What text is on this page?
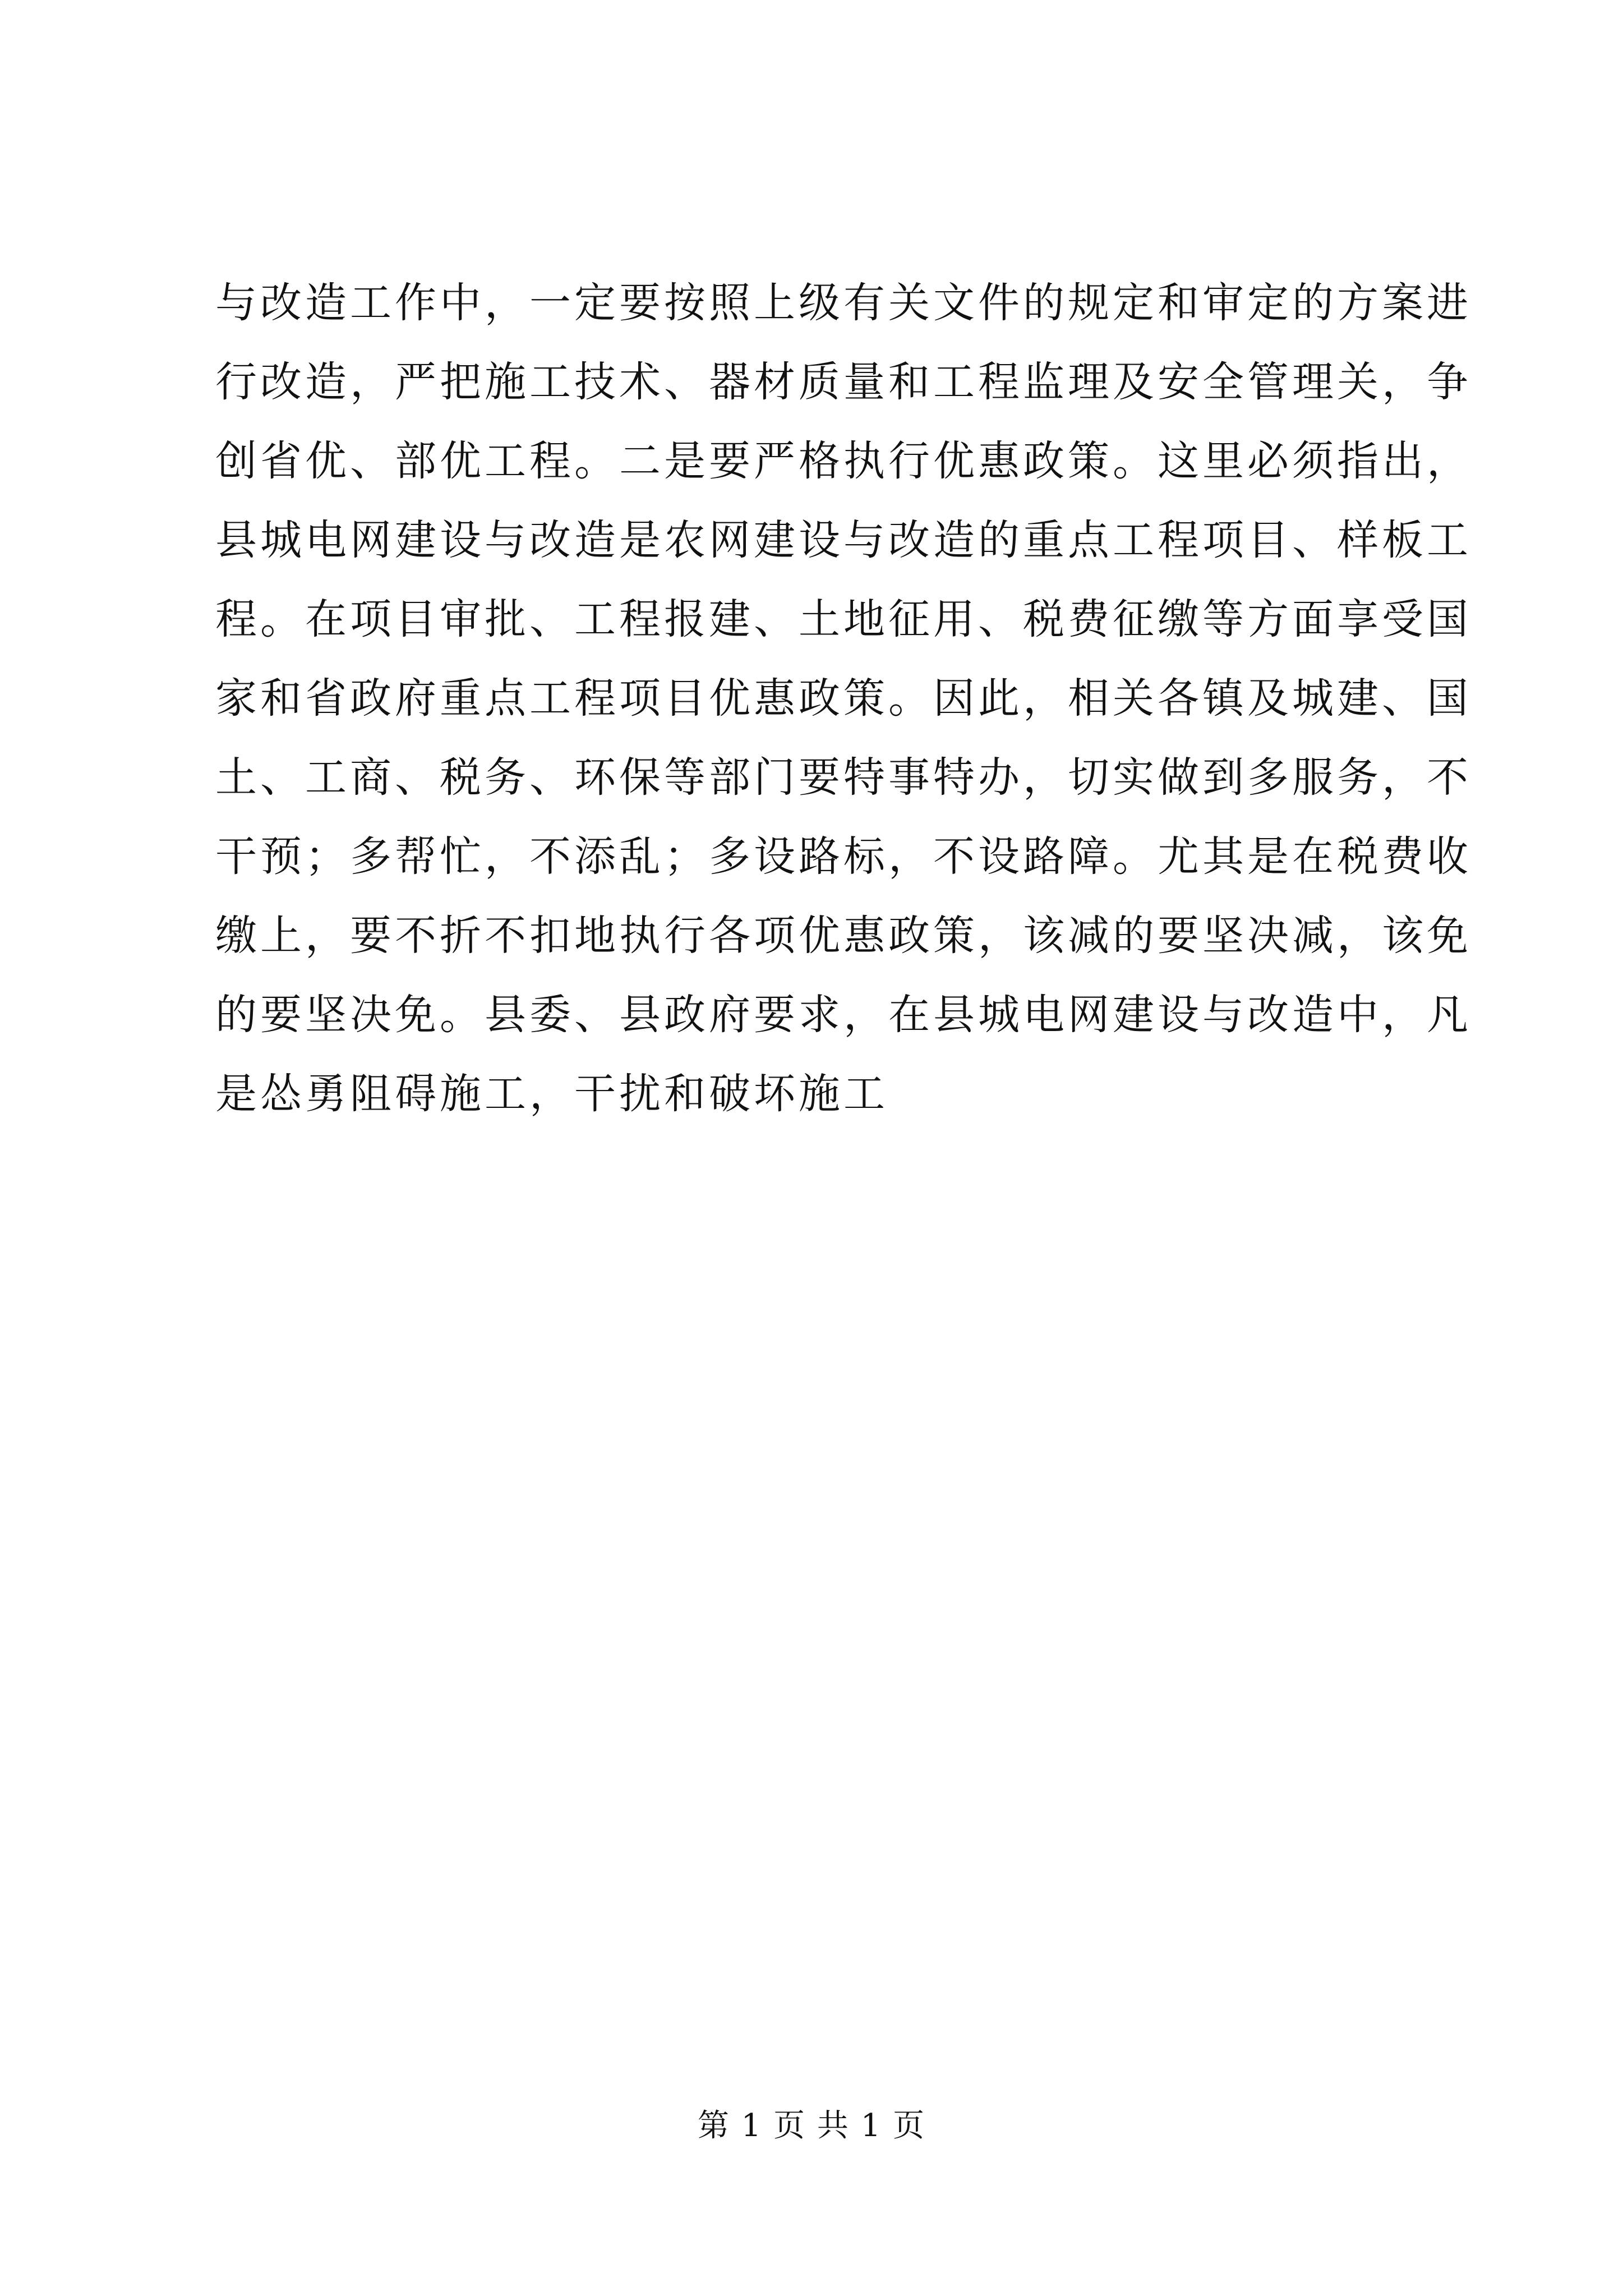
与改造工作中，一定要按照上级有关文件的规定和审定的方案进
行改造，严把施工技术、器材质量和工程监理及安全管理关，争
创省优、部优工程。二是要严格执行优惠政策。这里必须指出，
县城电网建设与改造是农网建设与改造的重点工程项目、样板工
程。在项目审批、工程报建、土地征用、税费征缴等方面享受国
家和省政府重点工程项目优惠政策。因此，相关各镇及城建、国
土、工商、税务、环保等部门要特事特办，切实做到多服务，不
干预；多帮忙，不添乱；多设路标，不设路障。尤其是在税费收
缴上，要不折不扣地执行各项优惠政策，该减的要坚决减，该免
的要坚决免。县委、县政府要求，在县城电网建设与改造中，凡
是怂勇阻碍施工，干扰和破坏施工
第 1 页 共 1 页
